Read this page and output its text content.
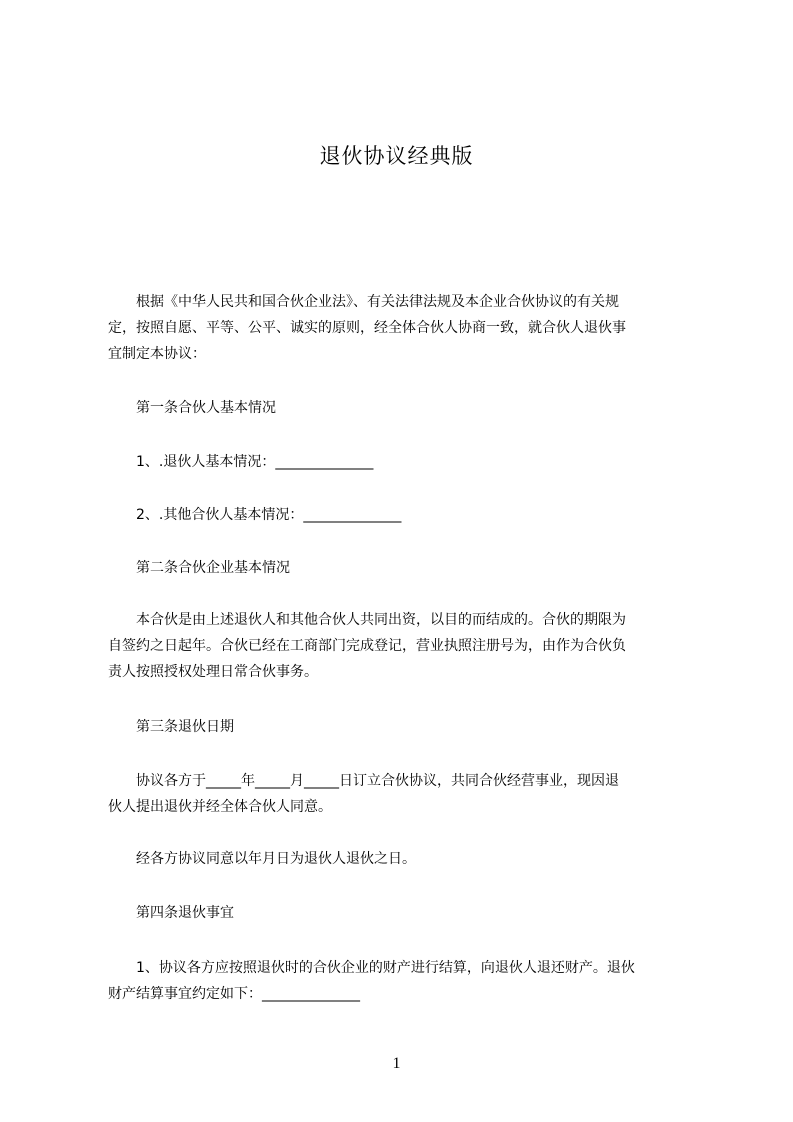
退伙协议经典版

　　根据《中华人民共和国合伙企业法》、有关法律法规及本企业合伙协议的有关规

定，按照自愿、平等、公平、诚实的原则，经全体合伙人协商一致，就合伙人退伙事

宜制定本协议：

　　第一条合伙人基本情况

　　1、.退伙人基本情况：______________

　　2、.其他合伙人基本情况：______________

　　第二条合伙企业基本情况

　　本合伙是由上述退伙人和其他合伙人共同出资，以目的而结成的。合伙的期限为

自签约之日起年。合伙已经在工商部门完成登记，营业执照注册号为，由作为合伙负

责人按照授权处理日常合伙事务。

　　第三条退伙日期

　　协议各方于_____年_____月_____日订立合伙协议，共同合伙经营事业，现因退

伙人提出退伙并经全体合伙人同意。

　　经各方协议同意以年月日为退伙人退伙之日。

　　第四条退伙事宜

　　1、协议各方应按照退伙时的合伙企业的财产进行结算，向退伙人退还财产。退伙

财产结算事宜约定如下：______________

1
